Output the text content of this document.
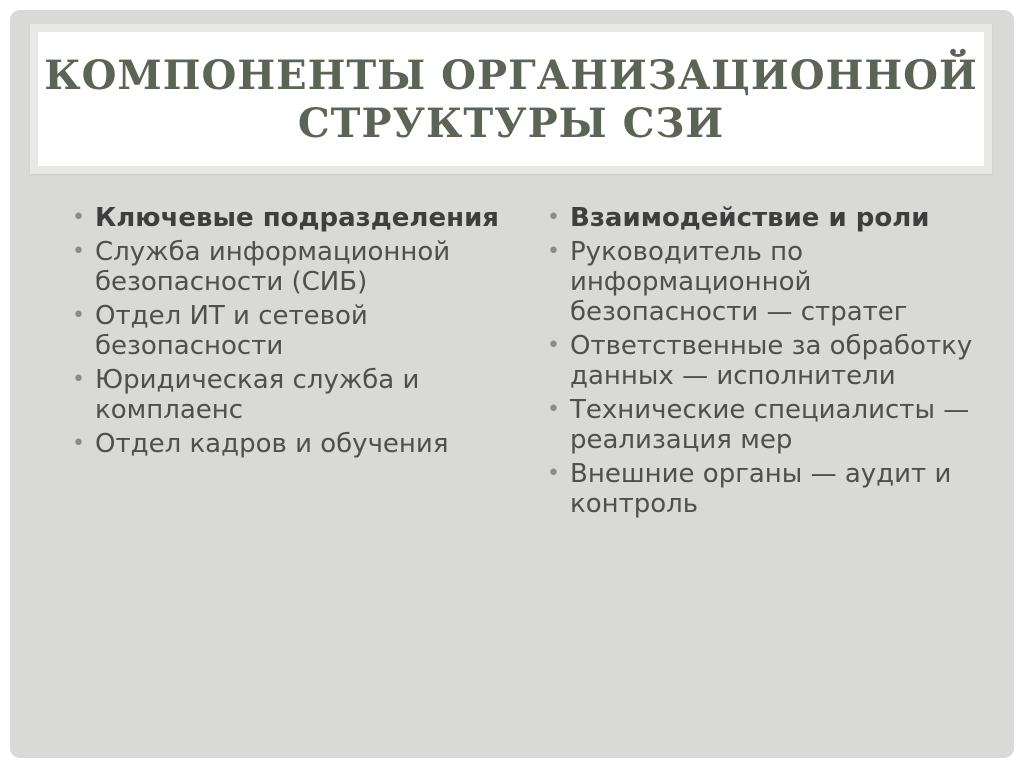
КОМПОНЕНТЫ ОРГАНИЗАЦИОННОЙ
СТРУКТУРЫ СЗИ
• Ключевые подразделения
• Служба информационной безопасности (СИБ)
• Отдел ИТ и сетевой безопасности
• Юридическая служба и комплаенс
• Отдел кадров и обучения
• Взаимодействие и роли
• Руководитель по информационной безопасности — стратег
• Ответственные за обработку данных — исполнители
• Технические специалисты — реализация мер
• Внешние органы — аудит и контроль
